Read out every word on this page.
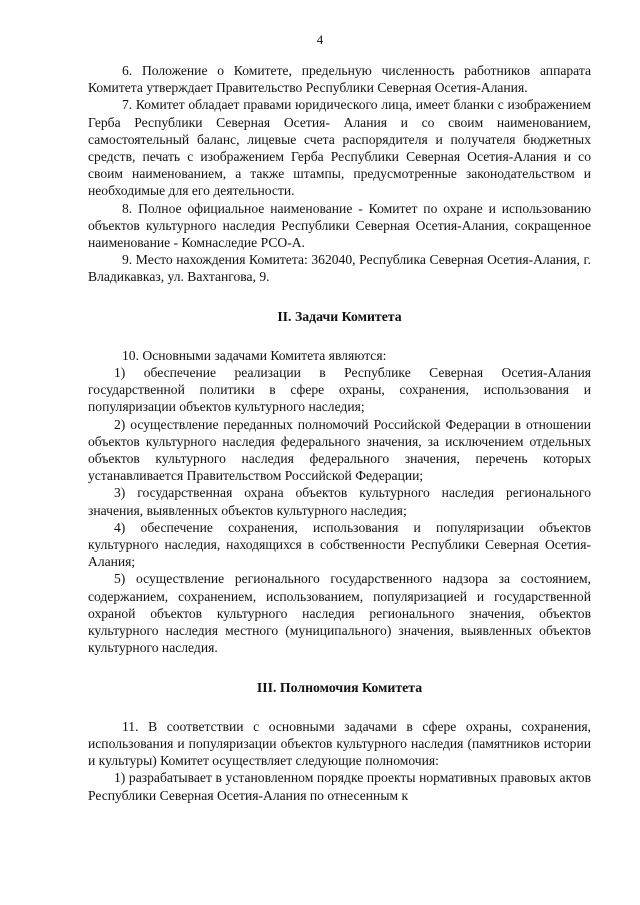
4

6. Положение о Комитете, предельную численность работников аппарата Комитета утверждает Правительство Республики Северная Осетия-Алания.

7. Комитет обладает правами юридического лица, имеет бланки с изображением Герба Республики Северная Осетия- Алания и со своим наименованием, самостоятельный баланс, лицевые счета распорядителя и получателя бюджетных средств, печать с изображением Герба Республики Северная Осетия-Алания и со своим наименованием, а также штампы, предусмотренные законодательством и необходимые для его деятельности.

8. Полное официальное наименование - Комитет по охране и использованию объектов культурного наследия Республики Северная Осетия-Алания, сокращенное наименование - Комнаследие РСО-А.

9. Место нахождения Комитета: 362040, Республика Северная Осетия-Алания, г. Владикавказ, ул. Вахтангова, 9.

II. Задачи Комитета

10. Основными задачами Комитета являются:

1) обеспечение реализации в Республике Северная Осетия-Алания государственной политики в сфере охраны, сохранения, использования и популяризации объектов культурного наследия;

2) осуществление переданных полномочий Российской Федерации в отношении объектов культурного наследия федерального значения, за исключением отдельных объектов культурного наследия федерального значения, перечень которых устанавливается Правительством Российской Федерации;

3) государственная охрана объектов культурного наследия регионального значения, выявленных объектов культурного наследия;

4) обеспечение сохранения, использования и популяризации объектов культурного наследия, находящихся в собственности Республики Северная Осетия-Алания;

5) осуществление регионального государственного надзора за состоянием, содержанием, сохранением, использованием, популяризацией и государственной охраной объектов культурного наследия регионального значения, объектов культурного наследия местного (муниципального) значения, выявленных объектов культурного наследия.

III. Полномочия Комитета

11. В соответствии с основными задачами в сфере охраны, сохранения, использования и популяризации объектов культурного наследия (памятников истории и культуры) Комитет осуществляет следующие полномочия:

1) разрабатывает в установленном порядке проекты нормативных правовых актов Республики Северная Осетия-Алания по отнесенным к
